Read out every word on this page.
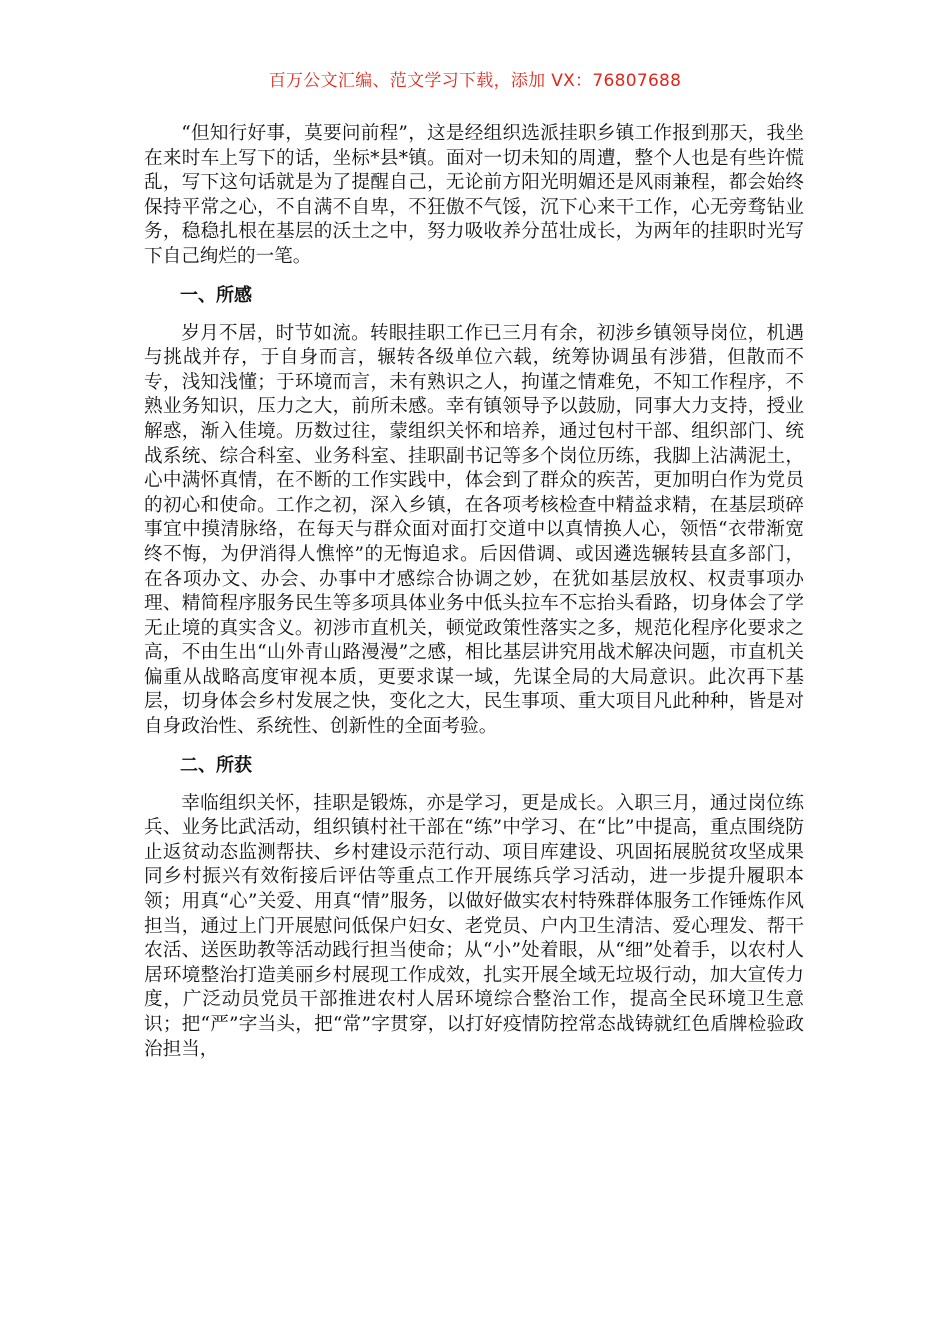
百万公文汇编、范文学习下载，添加 VX：76807688

“但知行好事，莫要问前程”，这是经组织选派挂职乡镇工作报到那天，我坐在来时车上写下的话，坐标*县*镇。面对一切未知的周遭，整个人也是有些许慌乱，写下这句话就是为了提醒自己，无论前方阳光明媚还是风雨兼程，都会始终保持平常之心，不自满不自卑，不狂傲不气馁，沉下心来干工作，心无旁骛钻业务，稳稳扎根在基层的沃土之中，努力吸收养分茁壮成长，为两年的挂职时光写下自己绚烂的一笔。

一、所感

岁月不居，时节如流。转眼挂职工作已三月有余，初涉乡镇领导岗位，机遇与挑战并存，于自身而言，辗转各级单位六载，统筹协调虽有涉猎，但散而不专，浅知浅懂；于环境而言，未有熟识之人，拘谨之情难免，不知工作程序，不熟业务知识，压力之大，前所未感。幸有镇领导予以鼓励，同事大力支持，授业解惑，渐入佳境。历数过往，蒙组织关怀和培养，通过包村干部、组织部门、统战系统、综合科室、业务科室、挂职副书记等多个岗位历练，我脚上沾满泥土，心中满怀真情，在不断的工作实践中，体会到了群众的疾苦，更加明白作为党员的初心和使命。工作之初，深入乡镇，在各项考核检查中精益求精，在基层琐碎事宜中摸清脉络，在每天与群众面对面打交道中以真情换人心，领悟“衣带渐宽终不悔，为伊消得人憔悴”的无悔追求。后因借调、或因遴选辗转县直多部门，在各项办文、办会、办事中才感综合协调之妙，在犹如基层放权、权责事项办理、精简程序服务民生等多项具体业务中低头拉车不忘抬头看路，切身体会了学无止境的真实含义。初涉市直机关，顿觉政策性落实之多，规范化程序化要求之高，不由生出“山外青山路漫漫”之感，相比基层讲究用战术解决问题，市直机关偏重从战略高度审视本质，更要求谋一域，先谋全局的大局意识。此次再下基层，切身体会乡村发展之快，变化之大，民生事项、重大项目凡此种种，皆是对自身政治性、系统性、创新性的全面考验。

二、所获

幸临组织关怀，挂职是锻炼，亦是学习，更是成长。入职三月，通过岗位练兵、业务比武活动，组织镇村社干部在“练”中学习、在“比”中提高，重点围绕防止返贫动态监测帮扶、乡村建设示范行动、项目库建设、巩固拓展脱贫攻坚成果同乡村振兴有效衔接后评估等重点工作开展练兵学习活动，进一步提升履职本领；用真“心”关爱、用真“情”服务，以做好做实农村特殊群体服务工作锤炼作风担当，通过上门开展慰问低保户妇女、老党员、户内卫生清洁、爱心理发、帮干农活、送医助教等活动践行担当使命；从“小”处着眼，从“细”处着手，以农村人居环境整治打造美丽乡村展现工作成效，扎实开展全域无垃圾行动，加大宣传力度，广泛动员党员干部推进农村人居环境综合整治工作，提高全民环境卫生意识；把“严”字当头，把“常”字贯穿，以打好疫情防控常态战铸就红色盾牌检验政治担当，
